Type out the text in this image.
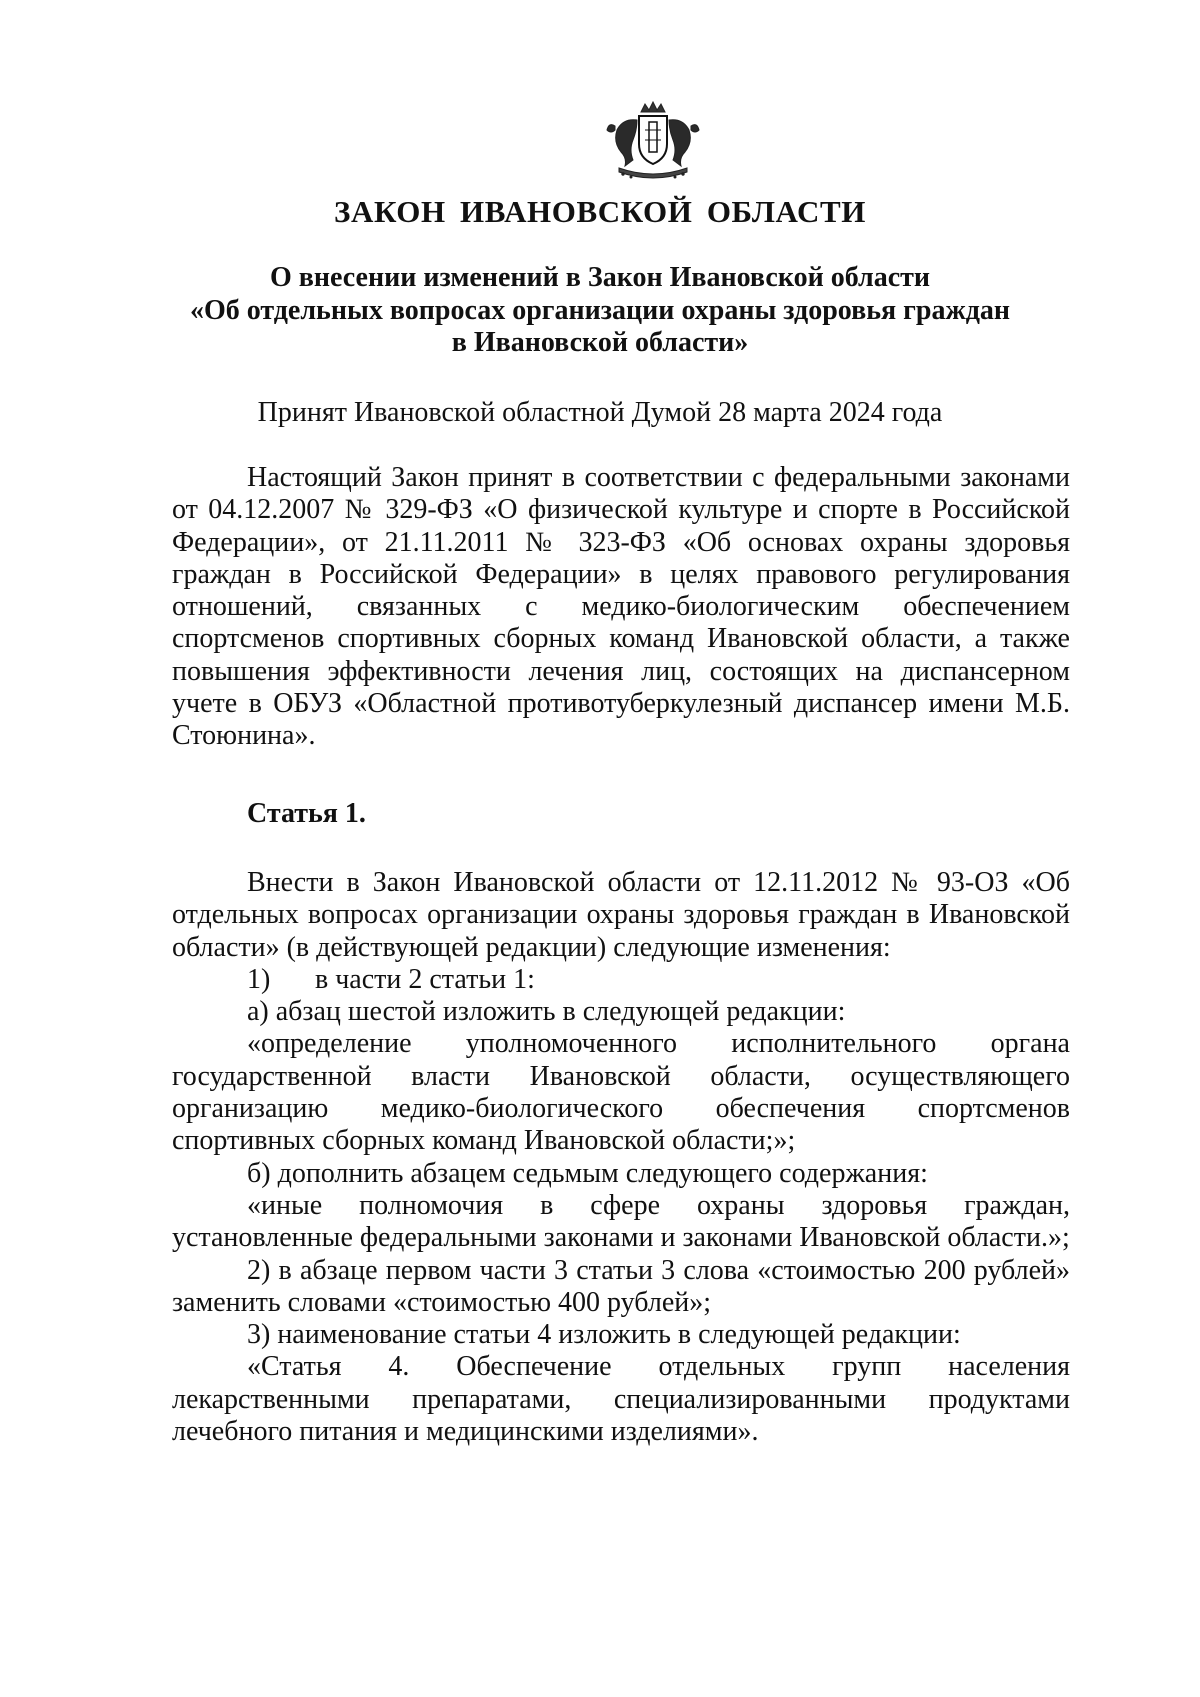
ЗАКОН ИВАНОВСКОЙ ОБЛАСТИ
О внесении изменений в Закон Ивановской области
«Об отдельных вопросах организации охраны здоровья граждан
в Ивановской области»
Принят Ивановской областной Думой 28 марта 2024 года

Настоящий Закон принят в соответствии с федеральными законами от 04.12.2007 № 329-ФЗ «О физической культуре и спорте в Российской Федерации», от 21.11.2011 № 323-ФЗ «Об основах охраны здоровья граждан в Российской Федерации» в целях правового регулирования отношений, связанных с медико-биологическим обеспечением спортсменов спортивных сборных команд Ивановской области, а также повышения эффективности лечения лиц, состоящих на диспансерном учете в ОБУЗ «Областной противотуберкулезный диспансер имени М.Б. Стоюнина».

Статья 1.

Внести в Закон Ивановской области от 12.11.2012 № 93-ОЗ «Об отдельных вопросах организации охраны здоровья граждан в Ивановской области» (в действующей редакции) следующие изменения:

1) в части 2 статьи 1:
а) абзац шестой изложить в следующей редакции:

«определение уполномоченного исполнительного органа государственной власти Ивановской области, осуществляющего организацию медико-биологического обеспечения спортсменов спортивных сборных команд Ивановской области;»;

б) дополнить абзацем седьмым следующего содержания:

«иные полномочия в сфере охраны здоровья граждан, установленные федеральными законами и законами Ивановской области.»;

2) в абзаце первом части 3 статьи 3 слова «стоимостью 200 рублей» заменить словами «стоимостью 400 рублей»;

3) наименование статьи 4 изложить в следующей редакции:

«Статья 4. Обеспечение отдельных групп населения лекарственными препаратами, специализированными продуктами лечебного питания и медицинскими изделиями».
